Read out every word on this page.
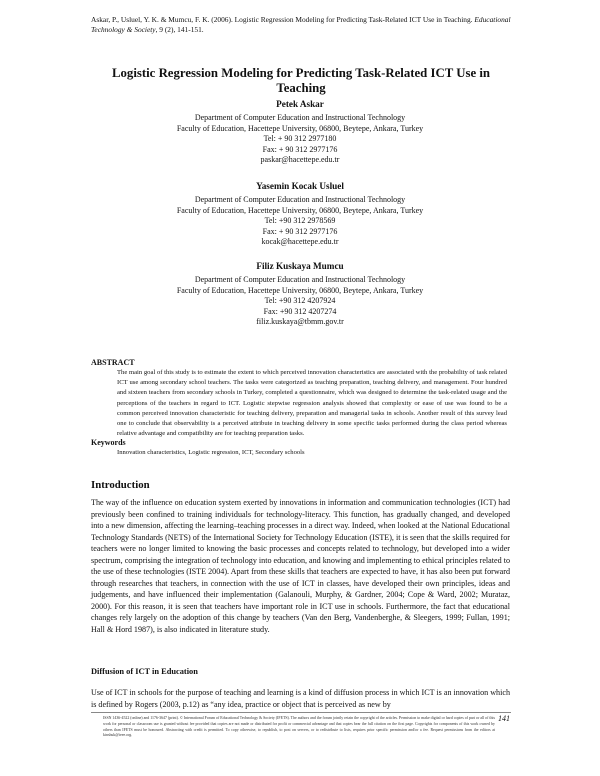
Askar, P., Usluel, Y. K. & Mumcu, F. K. (2006). Logistic Regression Modeling for Predicting Task-Related ICT Use in Teaching. Educational Technology & Society, 9 (2), 141-151.
Logistic Regression Modeling for Predicting Task-Related ICT Use in Teaching
Petek Askar
Department of Computer Education and Instructional Technology
Faculty of Education, Hacettepe University, 06800, Beytepe, Ankara, Turkey
Tel: + 90 312 2977180
Fax: + 90 312 2977176
paskar@hacettepe.edu.tr
Yasemin Kocak Usluel
Department of Computer Education and Instructional Technology
Faculty of Education, Hacettepe University, 06800, Beytepe, Ankara, Turkey
Tel: +90 312 2978569
Fax: + 90 312 2977176
kocak@hacettepe.edu.tr
Filiz Kuskaya Mumcu
Department of Computer Education and Instructional Technology
Faculty of Education, Hacettepe University, 06800, Beytepe, Ankara, Turkey
Tel: +90 312 4207924
Fax: +90 312 4207274
filiz.kuskaya@tbmm.gov.tr
ABSTRACT
The main goal of this study is to estimate the extent to which perceived innovation characteristics are associated with the probability of task related ICT use among secondary school teachers. The tasks were categorized as teaching preparation, teaching delivery, and management. Four hundred and sixteen teachers from secondary schools in Turkey, completed a questionnaire, which was designed to determine the task-related usage and the perceptions of the teachers in regard to ICT. Logistic stepwise regression analysis showed that complexity or ease of use was found to be a common perceived innovation characteristic for teaching delivery, preparation and managerial tasks in schools. Another result of this survey lead one to conclude that observability is a perceived attribute in teaching delivery in some specific tasks performed during the class period whereas relative advantage and compatibility are for teaching preparation tasks.
Keywords
Innovation characteristics, Logistic regression, ICT, Secondary schools
Introduction
The way of the influence on education system exerted by innovations in information and communication technologies (ICT) had previously been confined to training individuals for technology-literacy. This function, has gradually changed, and developed into a new dimension, affecting the learning–teaching processes in a direct way. Indeed, when looked at the National Educational Technology Standards (NETS) of the International Society for Technology Education (ISTE), it is seen that the skills required for teachers were no longer limited to knowing the basic processes and concepts related to technology, but developed into a wider spectrum, comprising the integration of technology into education, and knowing and implementing to ethical principles related to the use of these technologies (ISTE 2004). Apart from these skills that teachers are expected to have, it has also been put forward through researches that teachers, in connection with the use of ICT in classes, have developed their own principles, ideas and judgements, and have influenced their implementation (Galanouli, Murphy, & Gardner, 2004; Cope & Ward, 2002; Murataz, 2000). For this reason, it is seen that teachers have important role in ICT use in schools. Furthermore, the fact that educational changes rely largely on the adoption of this change by teachers (Van den Berg, Vandenberghe, & Sleegers, 1999; Fullan, 1991; Hall & Hord 1987), is also indicated in literature study.
Diffusion of ICT in Education
Use of ICT in schools for the purpose of teaching and learning is a kind of diffusion process in which ICT is an innovation which is defined by Rogers (2003, p.12) as “any idea, practice or object that is perceived as new by
141
ISSN 1436-4522 (online) and 1176-3647 (print). © International Forum of Educational Technology & Society (IFETS). The authors and the forum jointly retain the copyright of the articles. Permission to make digital or hard copies of part or all of this work for personal or classroom use is granted without fee provided that copies are not made or distributed for profit or commercial advantage and that copies bear the full citation on the first page. Copyrights for components of this work owned by others than IFETS must be honoured. Abstracting with credit is permitted. To copy otherwise, to republish, to post on servers, or to redistribute to lists, requires prior specific permission and/or a fee. Request permissions from the editors at kinshuk@ieee.org.
